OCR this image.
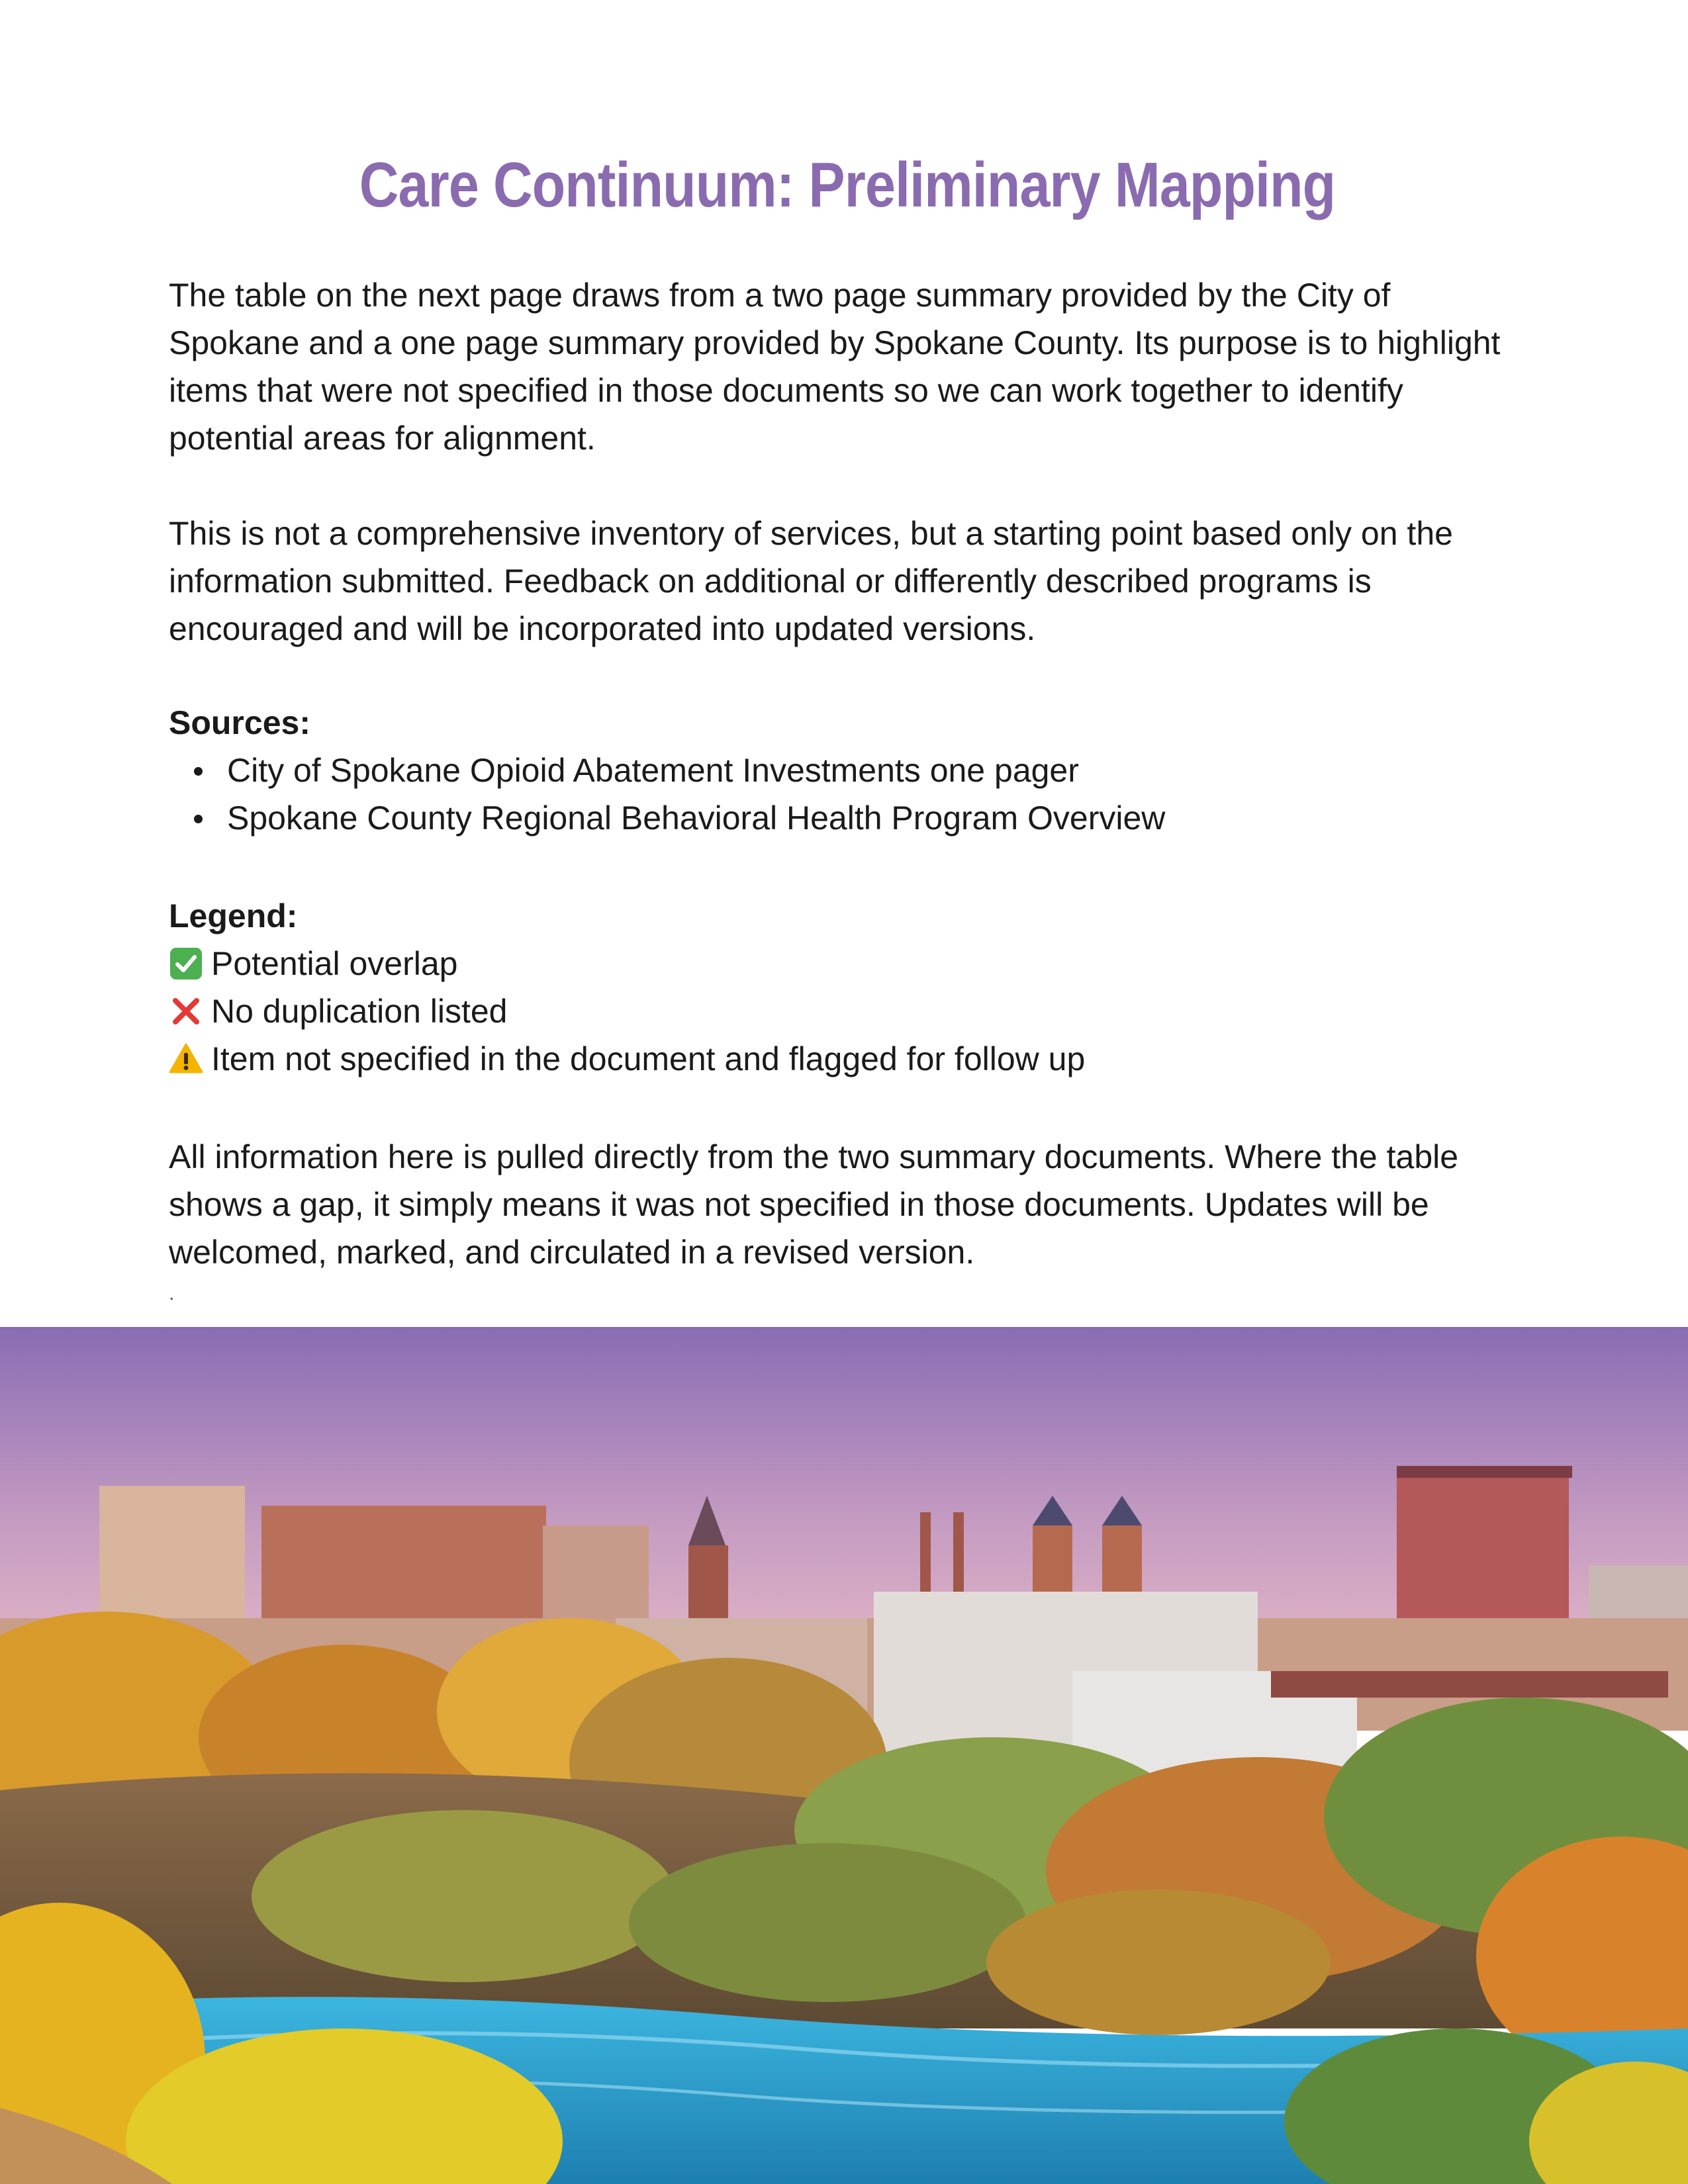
Care Continuum: Preliminary Mapping

The table on the next page draws from a two page summary provided by the City of Spokane and a one page summary provided by Spokane County. Its purpose is to highlight items that were not specified in those documents so we can work together to identify potential areas for alignment.

This is not a comprehensive inventory of services, but a starting point based only on the information submitted. Feedback on additional or differently described programs is encouraged and will be incorporated into updated versions.

Sources:
City of Spokane Opioid Abatement Investments one pager
Spokane County Regional Behavioral Health Program Overview
Legend:
Potential overlap
No duplication listed
Item not specified in the document and flagged for follow up

All information here is pulled directly from the two summary documents. Where the table shows a gap, it simply means it was not specified in those documents. Updates will be welcomed, marked, and circulated in a revised version.

.
